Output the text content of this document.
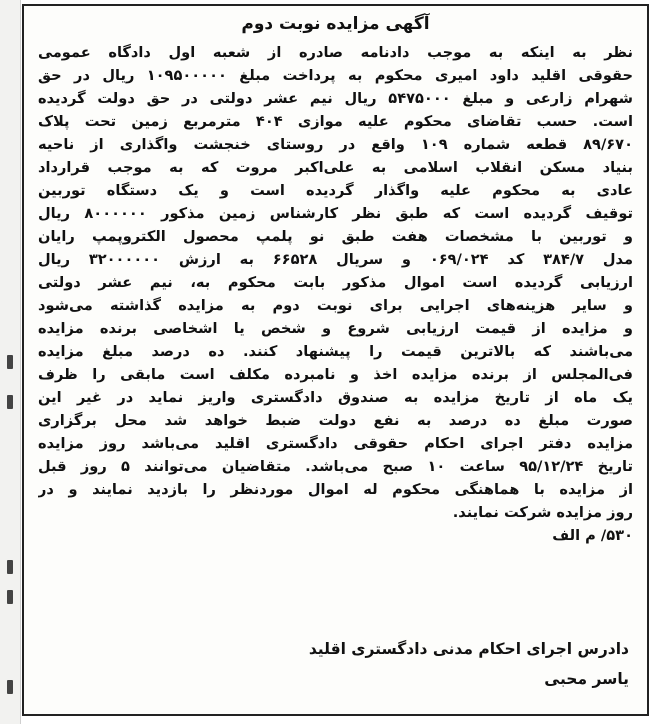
آگهی مزایده نوبت دوم
نظر به اینکه به موجب دادنامه صادره از شعبه اول دادگاه عمومی
حقوقی اقلید داود امیری محکوم به پرداخت مبلغ ۱۰۹۵۰۰۰۰۰ ریال در حق
شهرام زارعی و مبلغ ۵۴۷۵۰۰۰ ریال نیم عشر دولتی در حق دولت گردیده
است. حسب تقاضای محکوم علیه موازی ۴۰۴ مترمربع زمین تحت پلاک
۸۹/۶۷۰ قطعه شماره ۱۰۹ واقع در روستای خنجشت واگذاری از ناحیه
بنیاد مسکن انقلاب اسلامی به علی‌اکبر مروت که به موجب قرارداد
عادی به محکوم علیه واگذار گردیده است و یک دستگاه توربین
توقیف گردیده است که طبق نظر کارشناس زمین مذکور ۸۰۰۰۰۰۰ ریال
و توربین با مشخصات هفت طبق نو پلمپ محصول الکتروپمپ رایان
مدل ۳۸۴/۷ کد ۰۶۹/۰۲۴ و سریال ۶۶۵۲۸ به ارزش ۳۲۰۰۰۰۰۰ ریال
ارزیابی گردیده است اموال مذکور بابت محکوم به، نیم عشر دولتی
و سایر هزینه‌های اجرایی برای نوبت دوم به مزایده گذاشته می‌شود
و مزایده از قیمت ارزیابی شروع و شخص یا اشخاصی برنده مزایده
می‌باشند که بالاترین قیمت را پیشنهاد کنند. ده درصد مبلغ مزایده
فی‌المجلس از برنده مزایده اخذ و نامبرده مکلف است مابقی را ظرف
یک ماه از تاریخ مزایده به صندوق دادگستری واریز نماید در غیر این
صورت مبلغ ده درصد به نفع دولت ضبط خواهد شد محل برگزاری
مزایده دفتر اجرای احکام حقوقی دادگستری اقلید می‌باشد روز مزایده
تاریخ ۹۵/۱۲/۲۴ ساعت ۱۰ صبح می‌باشد. متقاضیان می‌توانند ۵ روز قبل
از مزایده با هماهنگی محکوم له اموال موردنظر را بازدید نمایند و در
روز مزایده شرکت نمایند.
۵۳۰/ م الف
دادرس اجرای احکام مدنی دادگستری اقلید
یاسر محبی
